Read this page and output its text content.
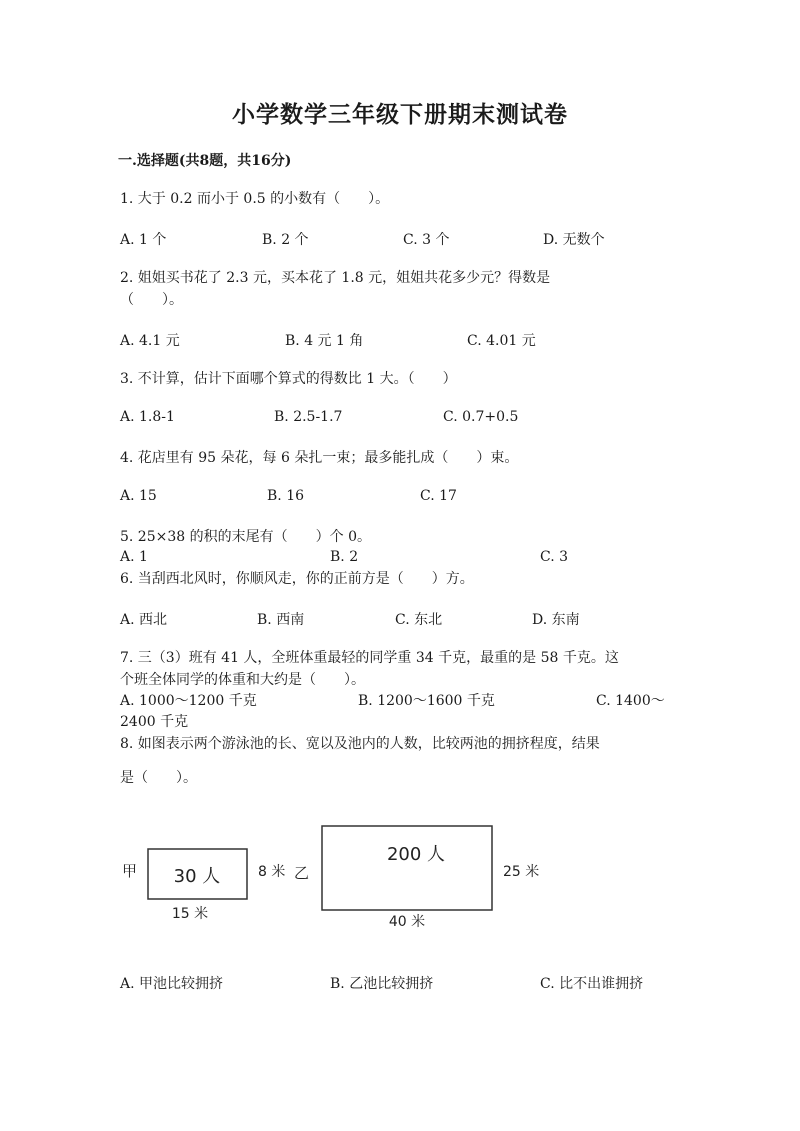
小学数学三年级下册期末测试卷
一.选择题(共8题，共16分)
1. 大于 0.2 而小于 0.5 的小数有（　　）。
A. 1 个	B. 2 个	C. 3 个	D. 无数个
2. 姐姐买书花了 2.3 元，买本花了 1.8 元，姐姐共花多少元？得数是
（　　）。
A. 4.1 元	B. 4 元 1 角	C. 4.01 元
3. 不计算，估计下面哪个算式的得数比 1 大。（　　）
A. 1.8-1	B. 2.5-1.7	C. 0.7+0.5
4. 花店里有 95 朵花，每 6 朵扎一束；最多能扎成（　　）束。
A. 15	B. 16	C. 17
5. 25×38 的积的末尾有（　　）个 0。
A. 1	B. 2	C. 3
6. 当刮西北风时，你顺风走，你的正前方是（　　）方。
A. 西北	B. 西南	C. 东北	D. 东南
7. 三（3）班有 41 人，全班体重最轻的同学重 34 千克，最重的是 58 千克。这
个班全体同学的体重和大约是（　　）。
A. 1000～1200 千克	B. 1200～1600 千克	C. 1400～
2400 千克
8. 如图表示两个游泳池的长、宽以及池内的人数，比较两池的拥挤程度，结果
是（　　）。
甲 30 人	8 米
15 米
乙
200 人
25 米
40 米
A. 甲池比较拥挤	B. 乙池比较拥挤	C. 比不出谁拥挤
